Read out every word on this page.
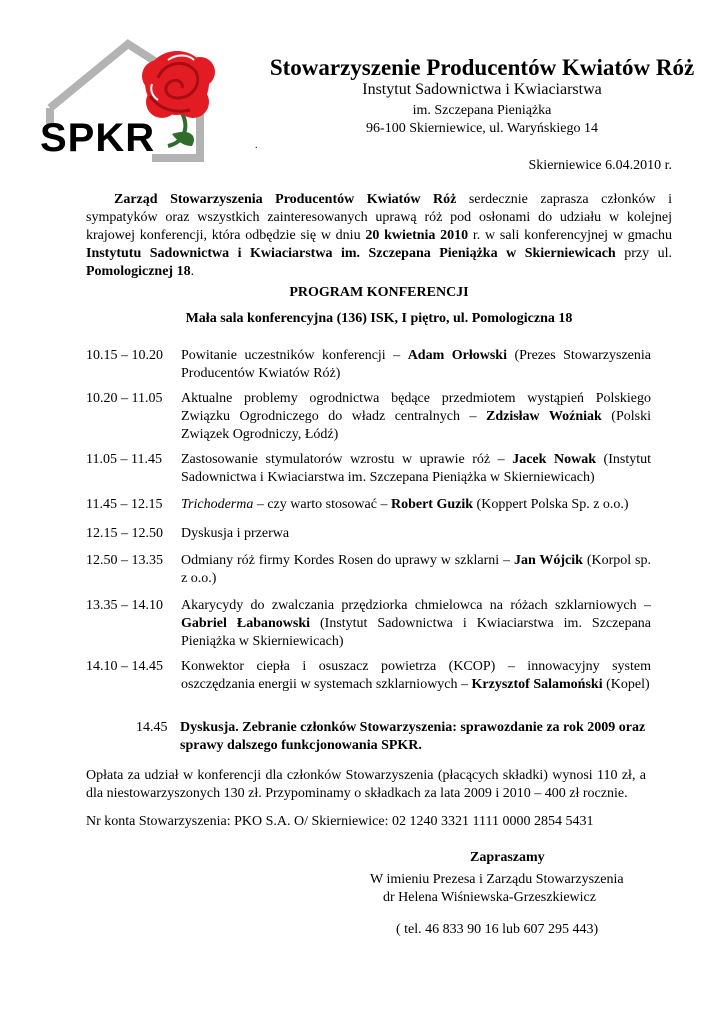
SPKR
Stowarzyszenie Producentów Kwiatów Róż
Instytut Sadownictwa i Kwiaciarstwa
im. Szczepana Pieniążka
96-100 Skierniewice, ul. Waryńskiego 14
.
Skierniewice 6.04.2010 r.
Zarząd Stowarzyszenia Producentów Kwiatów Róż serdecznie zaprasza członków i sympatyków oraz wszystkich zainteresowanych uprawą róż pod osłonami do udziału w kolejnej krajowej konferencji, która odbędzie się w dniu 20 kwietnia 2010 r. w sali konferencyjnej w gmachu Instytutu Sadownictwa i Kwiaciarstwa im. Szczepana Pieniążka w Skierniewicach przy ul. Pomologicznej 18.
PROGRAM KONFERENCJI
Mała sala konferencyjna (136) ISK, I piętro, ul. Pomologiczna 18
10.15 – 10.20	Powitanie uczestników konferencji – Adam Orłowski (Prezes Stowarzyszenia Producentów Kwiatów Róż)
10.20 – 11.05	Aktualne problemy ogrodnictwa będące przedmiotem wystąpień Polskiego Związku Ogrodniczego do władz centralnych – Zdzisław Woźniak (Polski Związek Ogrodniczy, Łódź)
11.05 – 11.45	Zastosowanie stymulatorów wzrostu w uprawie róż – Jacek Nowak (Instytut Sadownictwa i Kwiaciarstwa im. Szczepana Pieniążka w Skierniewicach)
11.45 – 12.15	Trichoderma – czy warto stosować – Robert Guzik (Koppert Polska Sp. z o.o.)
12.15 – 12.50	Dyskusja i przerwa
12.50 – 13.35	Odmiany róż firmy Kordes Rosen do uprawy w szklarni – Jan Wójcik (Korpol sp. z o.o.)
13.35 – 14.10	Akarycydy do zwalczania przędziorka chmielowca na różach szklarniowych – Gabriel Łabanowski (Instytut Sadownictwa i Kwiaciarstwa im. Szczepana Pieniążka w Skierniewicach)
14.10 – 14.45	Konwektor ciepła i osuszacz powietrza (KCOP) – innowacyjny system oszczędzania energii w systemach szklarniowych – Krzysztof Salamoński (Kopel)
14.45 Dyskusja. Zebranie członków Stowarzyszenia: sprawozdanie za rok 2009 oraz sprawy dalszego funkcjonowania SPKR.
Opłata za udział w konferencji dla członków Stowarzyszenia (płacących składki) wynosi 110 zł, a dla niestowarzyszonych 130 zł. Przypominamy o składkach za lata 2009 i 2010 – 400 zł rocznie.
Nr konta Stowarzyszenia: PKO S.A. O/ Skierniewice: 02 1240 3321 1111 0000 2854 5431
Zapraszamy
W imieniu Prezesa i Zarządu Stowarzyszenia
dr Helena Wiśniewska-Grzeszkiewicz
( tel. 46 833 90 16 lub 607 295 443)
